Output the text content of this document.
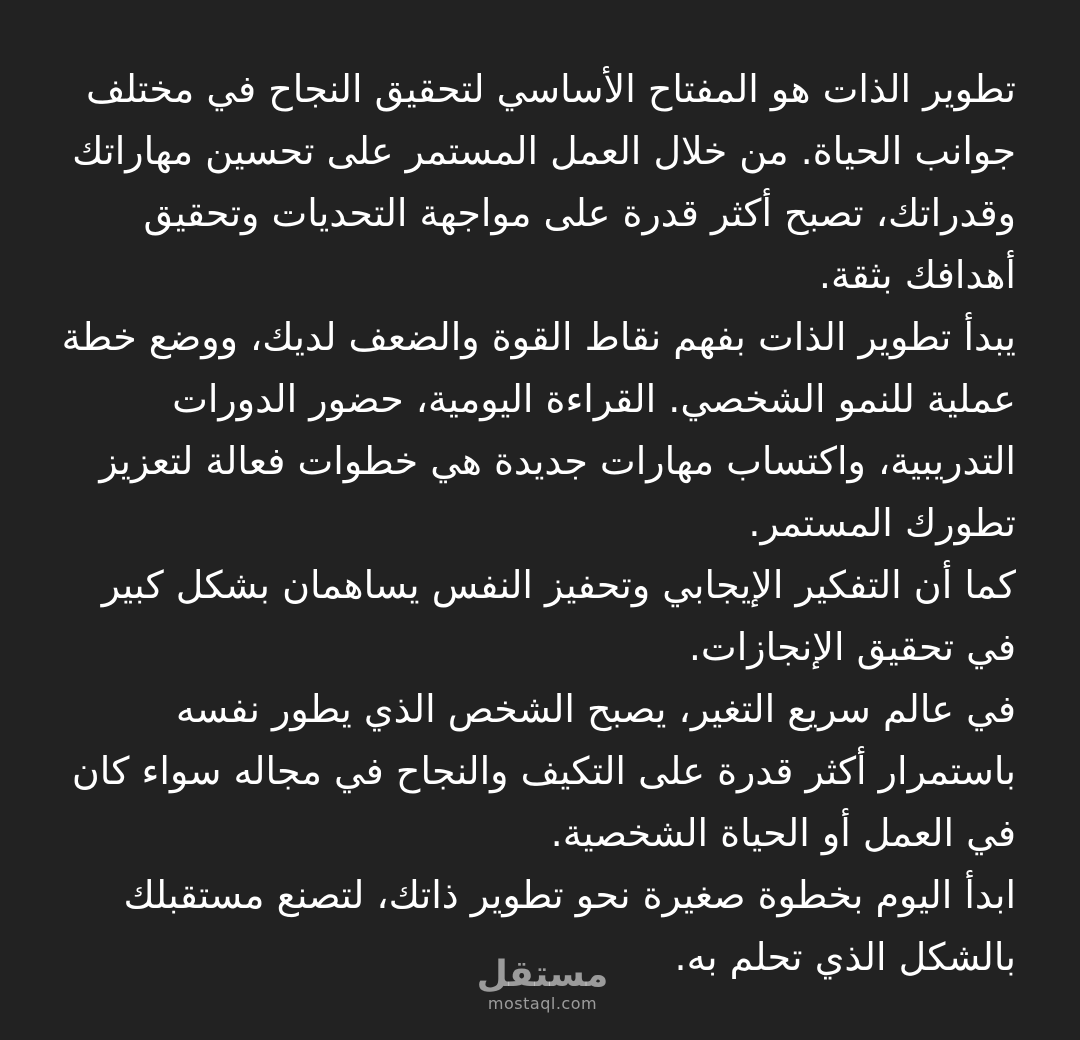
تطوير الذات هو المفتاح الأساسي لتحقيق النجاح في مختلف جوانب الحياة. من خلال العمل المستمر على تحسين مهاراتك وقدراتك، تصبح أكثر قدرة على مواجهة التحديات وتحقيق أهدافك بثقة.

يبدأ تطوير الذات بفهم نقاط القوة والضعف لديك، ووضع خطة عملية للنمو الشخصي. القراءة اليومية، حضور الدورات التدريبية، واكتساب مهارات جديدة هي خطوات فعالة لتعزيز تطورك المستمر.

كما أن التفكير الإيجابي وتحفيز النفس يساهمان بشكل كبير في تحقيق الإنجازات.

في عالم سريع التغير، يصبح الشخص الذي يطور نفسه باستمرار أكثر قدرة على التكيف والنجاح في مجاله سواء كان في العمل أو الحياة الشخصية.

ابدأ اليوم بخطوة صغيرة نحو تطوير ذاتك، لتصنع مستقبلك بالشكل الذي تحلم به.

مستقل
mostaql.com
